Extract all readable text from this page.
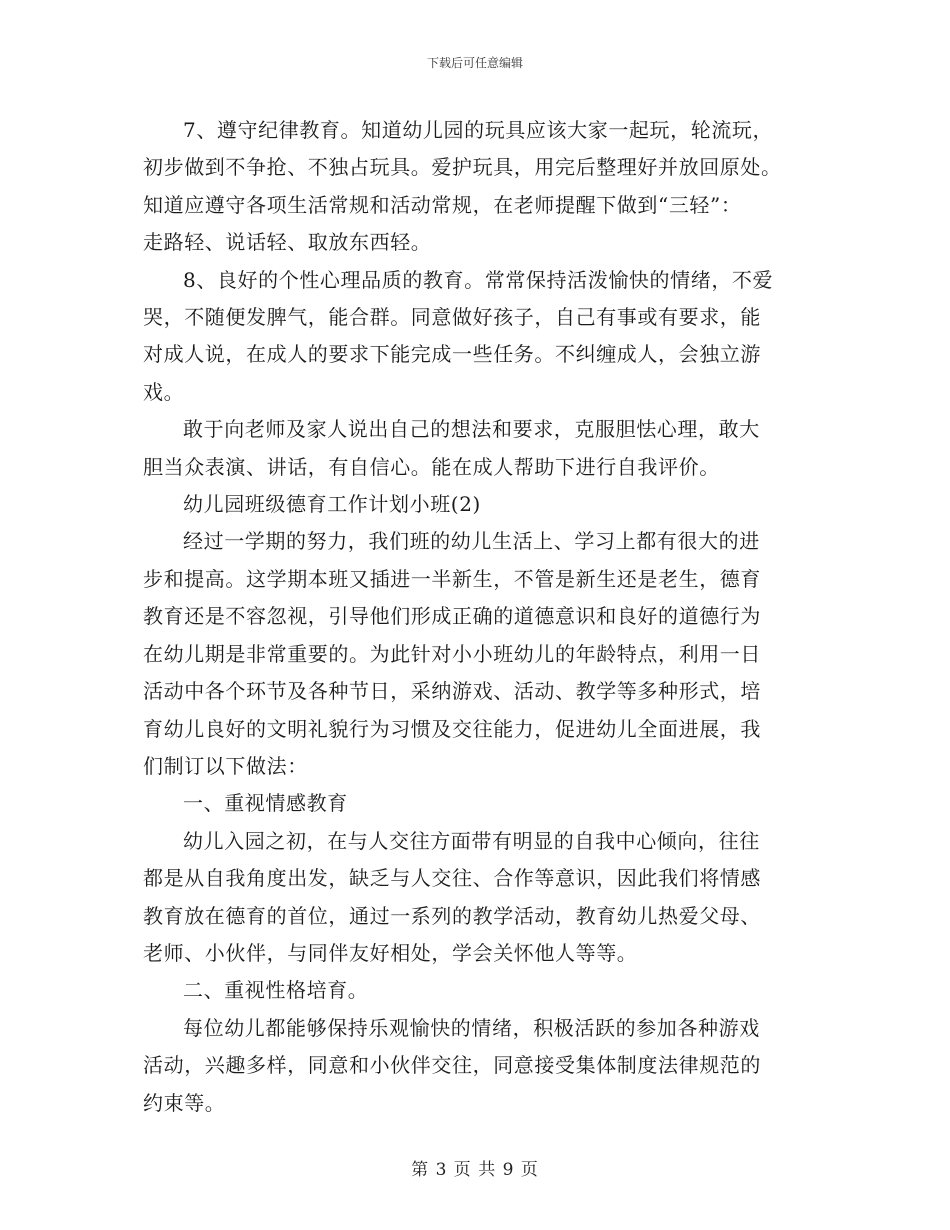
下载后可任意编辑
7、遵守纪律教育。知道幼儿园的玩具应该大家一起玩，轮流玩，
初步做到不争抢、不独占玩具。爱护玩具，用完后整理好并放回原处。
知道应遵守各项生活常规和活动常规，在老师提醒下做到“三轻”：
走路轻、说话轻、取放东西轻。
8、良好的个性心理品质的教育。常常保持活泼愉快的情绪，不爱
哭，不随便发脾气，能合群。同意做好孩子，自己有事或有要求，能
对成人说，在成人的要求下能完成一些任务。不纠缠成人，会独立游
戏。
敢于向老师及家人说出自己的想法和要求，克服胆怯心理，敢大
胆当众表演、讲话，有自信心。能在成人帮助下进行自我评价。
幼儿园班级德育工作计划小班(2)
经过一学期的努力，我们班的幼儿生活上、学习上都有很大的进
步和提高。这学期本班又插进一半新生，不管是新生还是老生，德育
教育还是不容忽视，引导他们形成正确的道德意识和良好的道德行为
在幼儿期是非常重要的。为此针对小小班幼儿的年龄特点，利用一日
活动中各个环节及各种节日，采纳游戏、活动、教学等多种形式，培
育幼儿良好的文明礼貌行为习惯及交往能力，促进幼儿全面进展，我
们制订以下做法：
一、重视情感教育
幼儿入园之初，在与人交往方面带有明显的自我中心倾向，往往
都是从自我角度出发，缺乏与人交往、合作等意识，因此我们将情感
教育放在德育的首位，通过一系列的教学活动，教育幼儿热爱父母、
老师、小伙伴，与同伴友好相处，学会关怀他人等等。
二、重视性格培育。
每位幼儿都能够保持乐观愉快的情绪，积极活跃的参加各种游戏
活动，兴趣多样，同意和小伙伴交往，同意接受集体制度法律规范的
约束等。
第 3 页 共 9 页
